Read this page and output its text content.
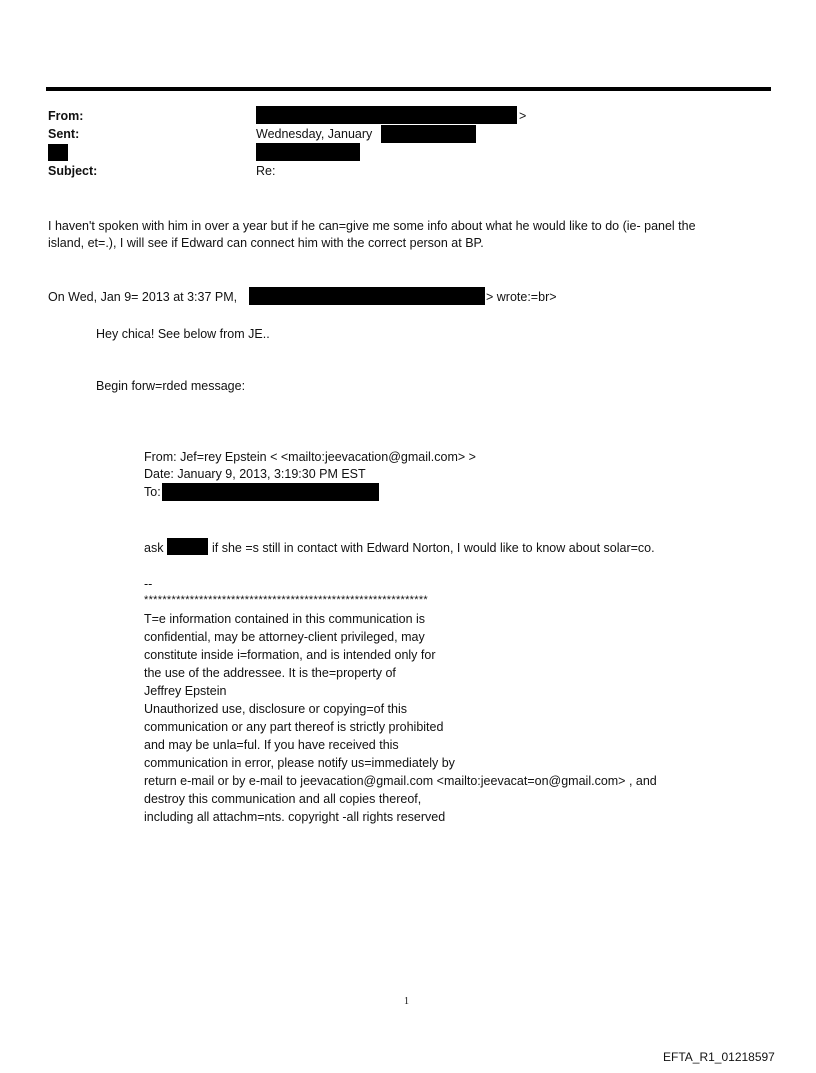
From:	>
Sent:	Wednesday, January
Subject:	Re:
I haven't spoken with him in over a year but if he can=give me some info about what he would like to do (ie- panel the
island, et=.), I will see if Edward can connect him with the correct person at BP.
On Wed, Jan 9= 2013 at 3:37 PM,	> wrote:=br>
Hey chica! See below from JE..
Begin forw=rded message:
From: Jef=rey Epstein < <mailto:jeevacation@gmail.com> >
Date: January 9, 2013, 3:19:30 PM EST
To:
ask	if she =s still in contact with Edward Norton, I would like to know about solar=co.
--
**************************************************************
T=e information contained in this communication is
confidential, may be attorney-client privileged, may
constitute inside i=formation, and is intended only for
the use of the addressee. It is the=property of
Jeffrey Epstein
Unauthorized use, disclosure or copying=of this
communication or any part thereof is strictly prohibited
and may be unla=ful. If you have received this
communication in error, please notify us=immediately by
return e-mail or by e-mail to jeevacation@gmail.com <mailto:jeevacat=on@gmail.com> , and
destroy this communication and all copies thereof,
including all attachm=nts. copyright -all rights reserved
1
EFTA_R1_01218597
